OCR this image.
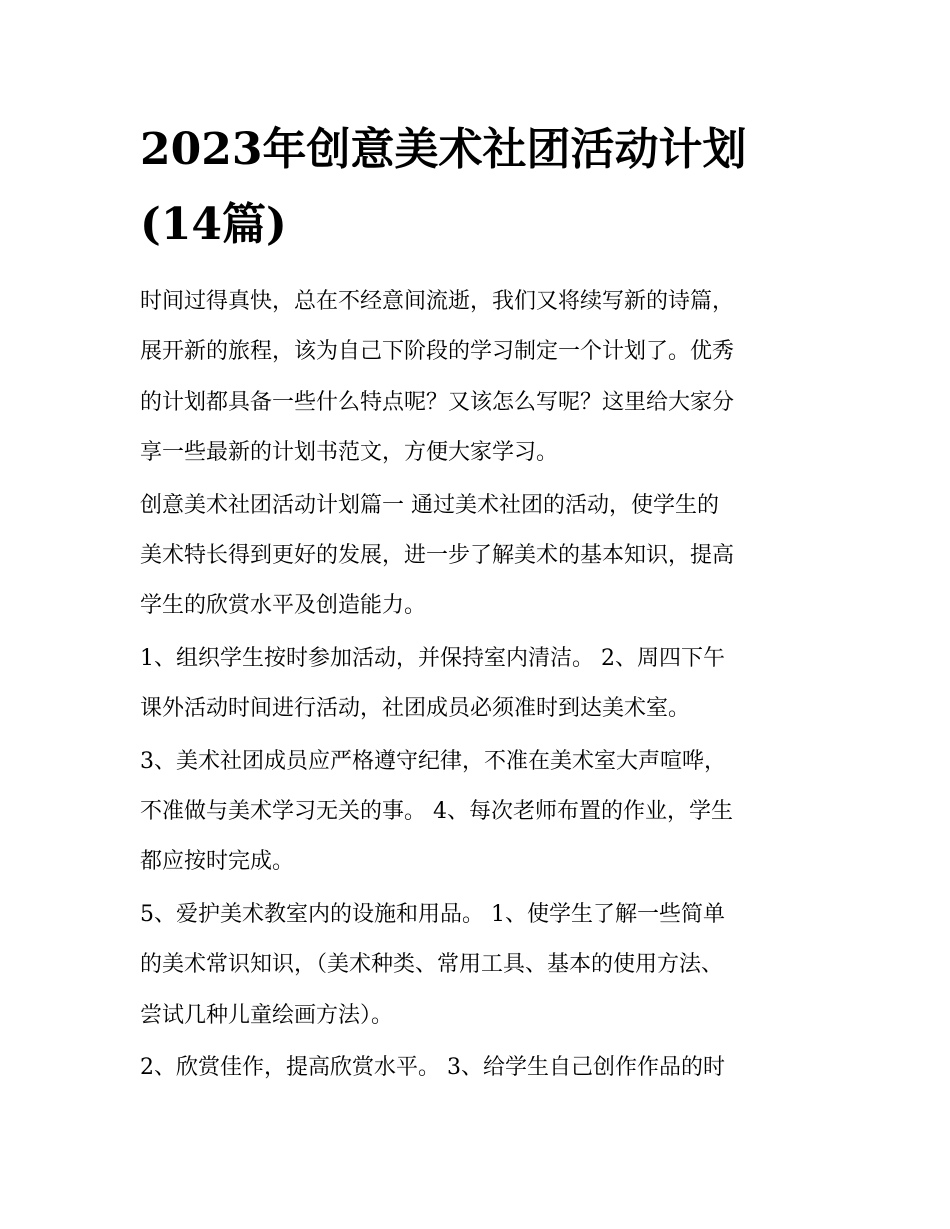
2023年创意美术社团活动计划
(14篇)

时间过得真快，总在不经意间流逝，我们又将续写新的诗篇，
展开新的旅程，该为自己下阶段的学习制定一个计划了。优秀
的计划都具备一些什么特点呢？又该怎么写呢？这里给大家分
享一些最新的计划书范文，方便大家学习。

创意美术社团活动计划篇一 通过美术社团的活动，使学生的
美术特长得到更好的发展，进一步了解美术的基本知识，提高
学生的欣赏水平及创造能力。

1、组织学生按时参加活动，并保持室内清洁。 2、周四下午
课外活动时间进行活动，社团成员必须准时到达美术室。

3、美术社团成员应严格遵守纪律，不准在美术室大声喧哗，
不准做与美术学习无关的事。 4、每次老师布置的作业，学生
都应按时完成。

5、爱护美术教室内的设施和用品。 1、使学生了解一些简单
的美术常识知识，（美术种类、常用工具、基本的使用方法、
尝试几种儿童绘画方法）。

2、欣赏佳作，提高欣赏水平。 3、给学生自己创作作品的时
